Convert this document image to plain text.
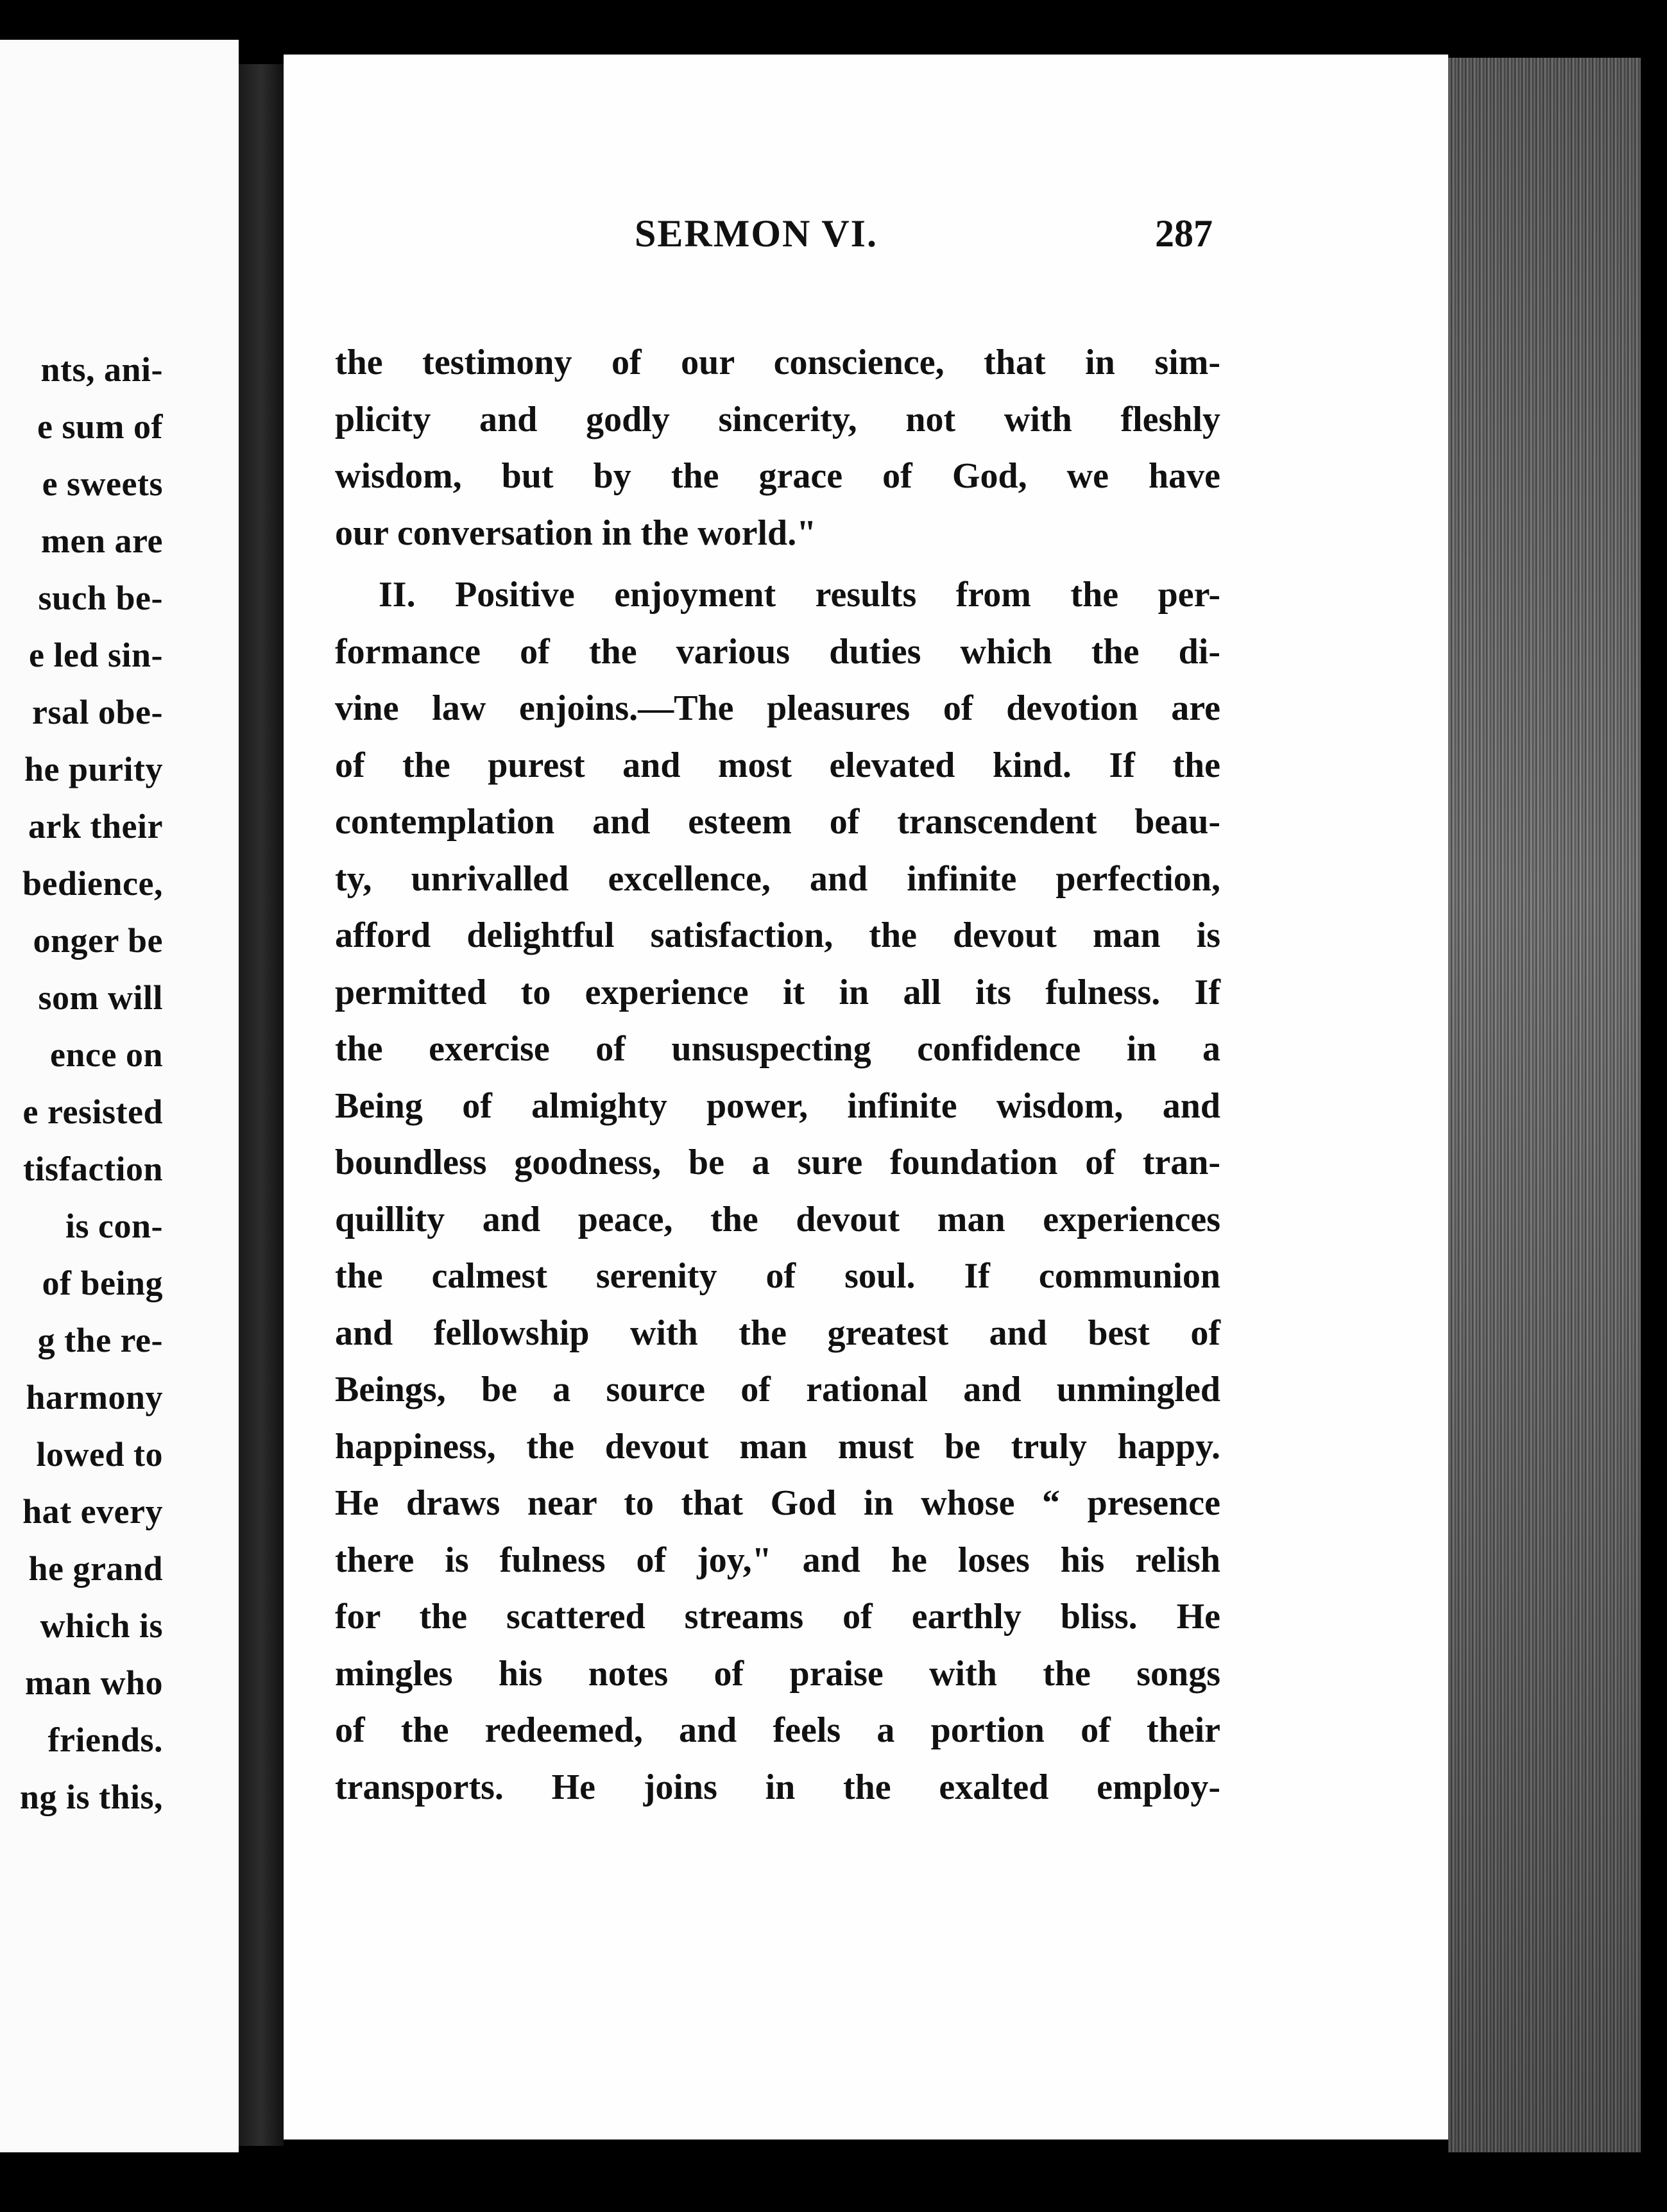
nts, ani-
e sum of
e sweets
men are
such be-
e led sin-
rsal obe-
he purity
ark their
bedience,
onger be
som will
ence on
e resisted
tisfaction
is con-
of being
g the re-
harmony
lowed to
hat every
he grand
which is
man who
friends.
ng is this,
SERMON VI.	287
the testimony of our conscience, that in sim-
plicity and godly sincerity, not with fleshly
wisdom, but by the grace of God, we have
our conversation in the world."
II. Positive enjoyment results from the per-
formance of the various duties which the di-
vine law enjoins.—The pleasures of devotion are
of the purest and most elevated kind. If the
contemplation and esteem of transcendent beau-
ty, unrivalled excellence, and infinite perfection,
afford delightful satisfaction, the devout man is
permitted to experience it in all its fulness. If
the exercise of unsuspecting confidence in a
Being of almighty power, infinite wisdom, and
boundless goodness, be a sure foundation of tran-
quillity and peace, the devout man experiences
the calmest serenity of soul. If communion
and fellowship with the greatest and best of
Beings, be a source of rational and unmingled
happiness, the devout man must be truly happy.
He draws near to that God in whose “ presence
there is fulness of joy," and he loses his relish
for the scattered streams of earthly bliss. He
mingles his notes of praise with the songs
of the redeemed, and feels a portion of their
transports. He joins in the exalted employ-
